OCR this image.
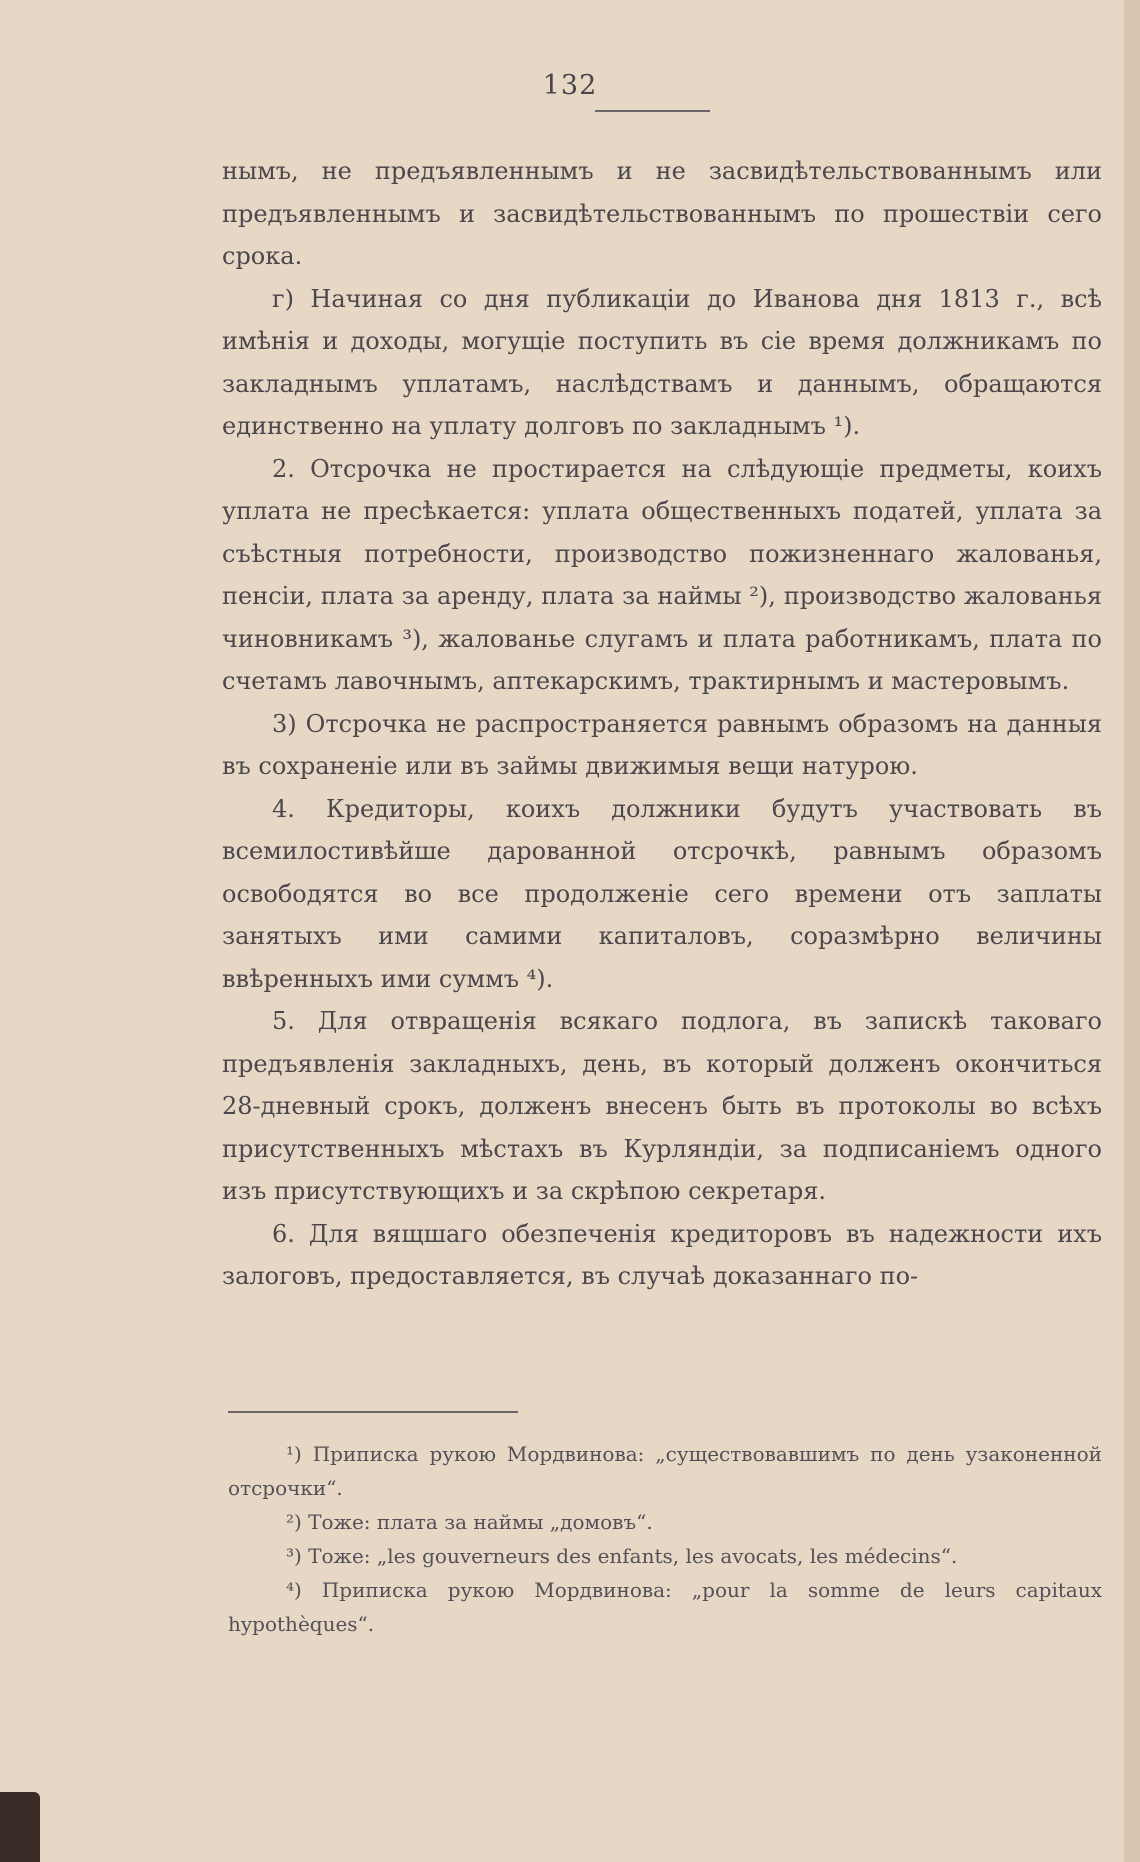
132

нымъ, не предъявленнымъ и не засвидѣтельствованнымъ или предъявленнымъ и засвидѣтельствованнымъ по прошествіи сего срока.

г) Начиная со дня публикаціи до Иванова дня 1813 г., всѣ имѣнія и доходы, могущіе поступить въ сіе время должникамъ по закладнымъ уплатамъ, наслѣдствамъ и даннымъ, обращаются единственно на уплату долговъ по закладнымъ ¹).

2. Отсрочка не простирается на слѣдующіе предметы, коихъ уплата не пресѣкается: уплата общественныхъ податей, уплата за съѣстныя потребности, производство пожизненнаго жалованья, пенсіи, плата за аренду, плата за наймы ²), производство жалованья чиновникамъ ³), жалованье слугамъ и плата работникамъ, плата по счетамъ лавочнымъ, аптекарскимъ, трактирнымъ и мастеровымъ.

3) Отсрочка не распространяется равнымъ образомъ на данныя въ сохраненіе или въ займы движимыя вещи натурою.

4. Кредиторы, коихъ должники будутъ участвовать въ всемилостивѣйше дарованной отсрочкѣ, равнымъ образомъ освободятся во все продолженіе сего времени отъ заплаты занятыхъ ими самими капиталовъ, соразмѣрно величины ввѣренныхъ ими суммъ ⁴).

5. Для отвращенія всякаго подлога, въ запискѣ таковаго предъявленія закладныхъ, день, въ который долженъ окончиться 28-дневный срокъ, долженъ внесенъ быть въ протоколы во всѣхъ присутственныхъ мѣстахъ въ Курляндіи, за подписаніемъ одного изъ присутствующихъ и за скрѣпою секретаря.

6. Для вящшаго обезпеченія кредиторовъ въ надежности ихъ залоговъ, предоставляется, въ случаѣ доказаннаго по-

¹) Приписка рукою Мордвинова: „существовавшимъ по день узаконенной отсрочки“.

²) Тоже: плата за наймы „домовъ“.

³) Тоже: „les gouverneurs des enfants, les avocats, les médecins“.

⁴) Приписка рукою Мордвинова: „pour la somme de leurs capitaux hypothèques“.
